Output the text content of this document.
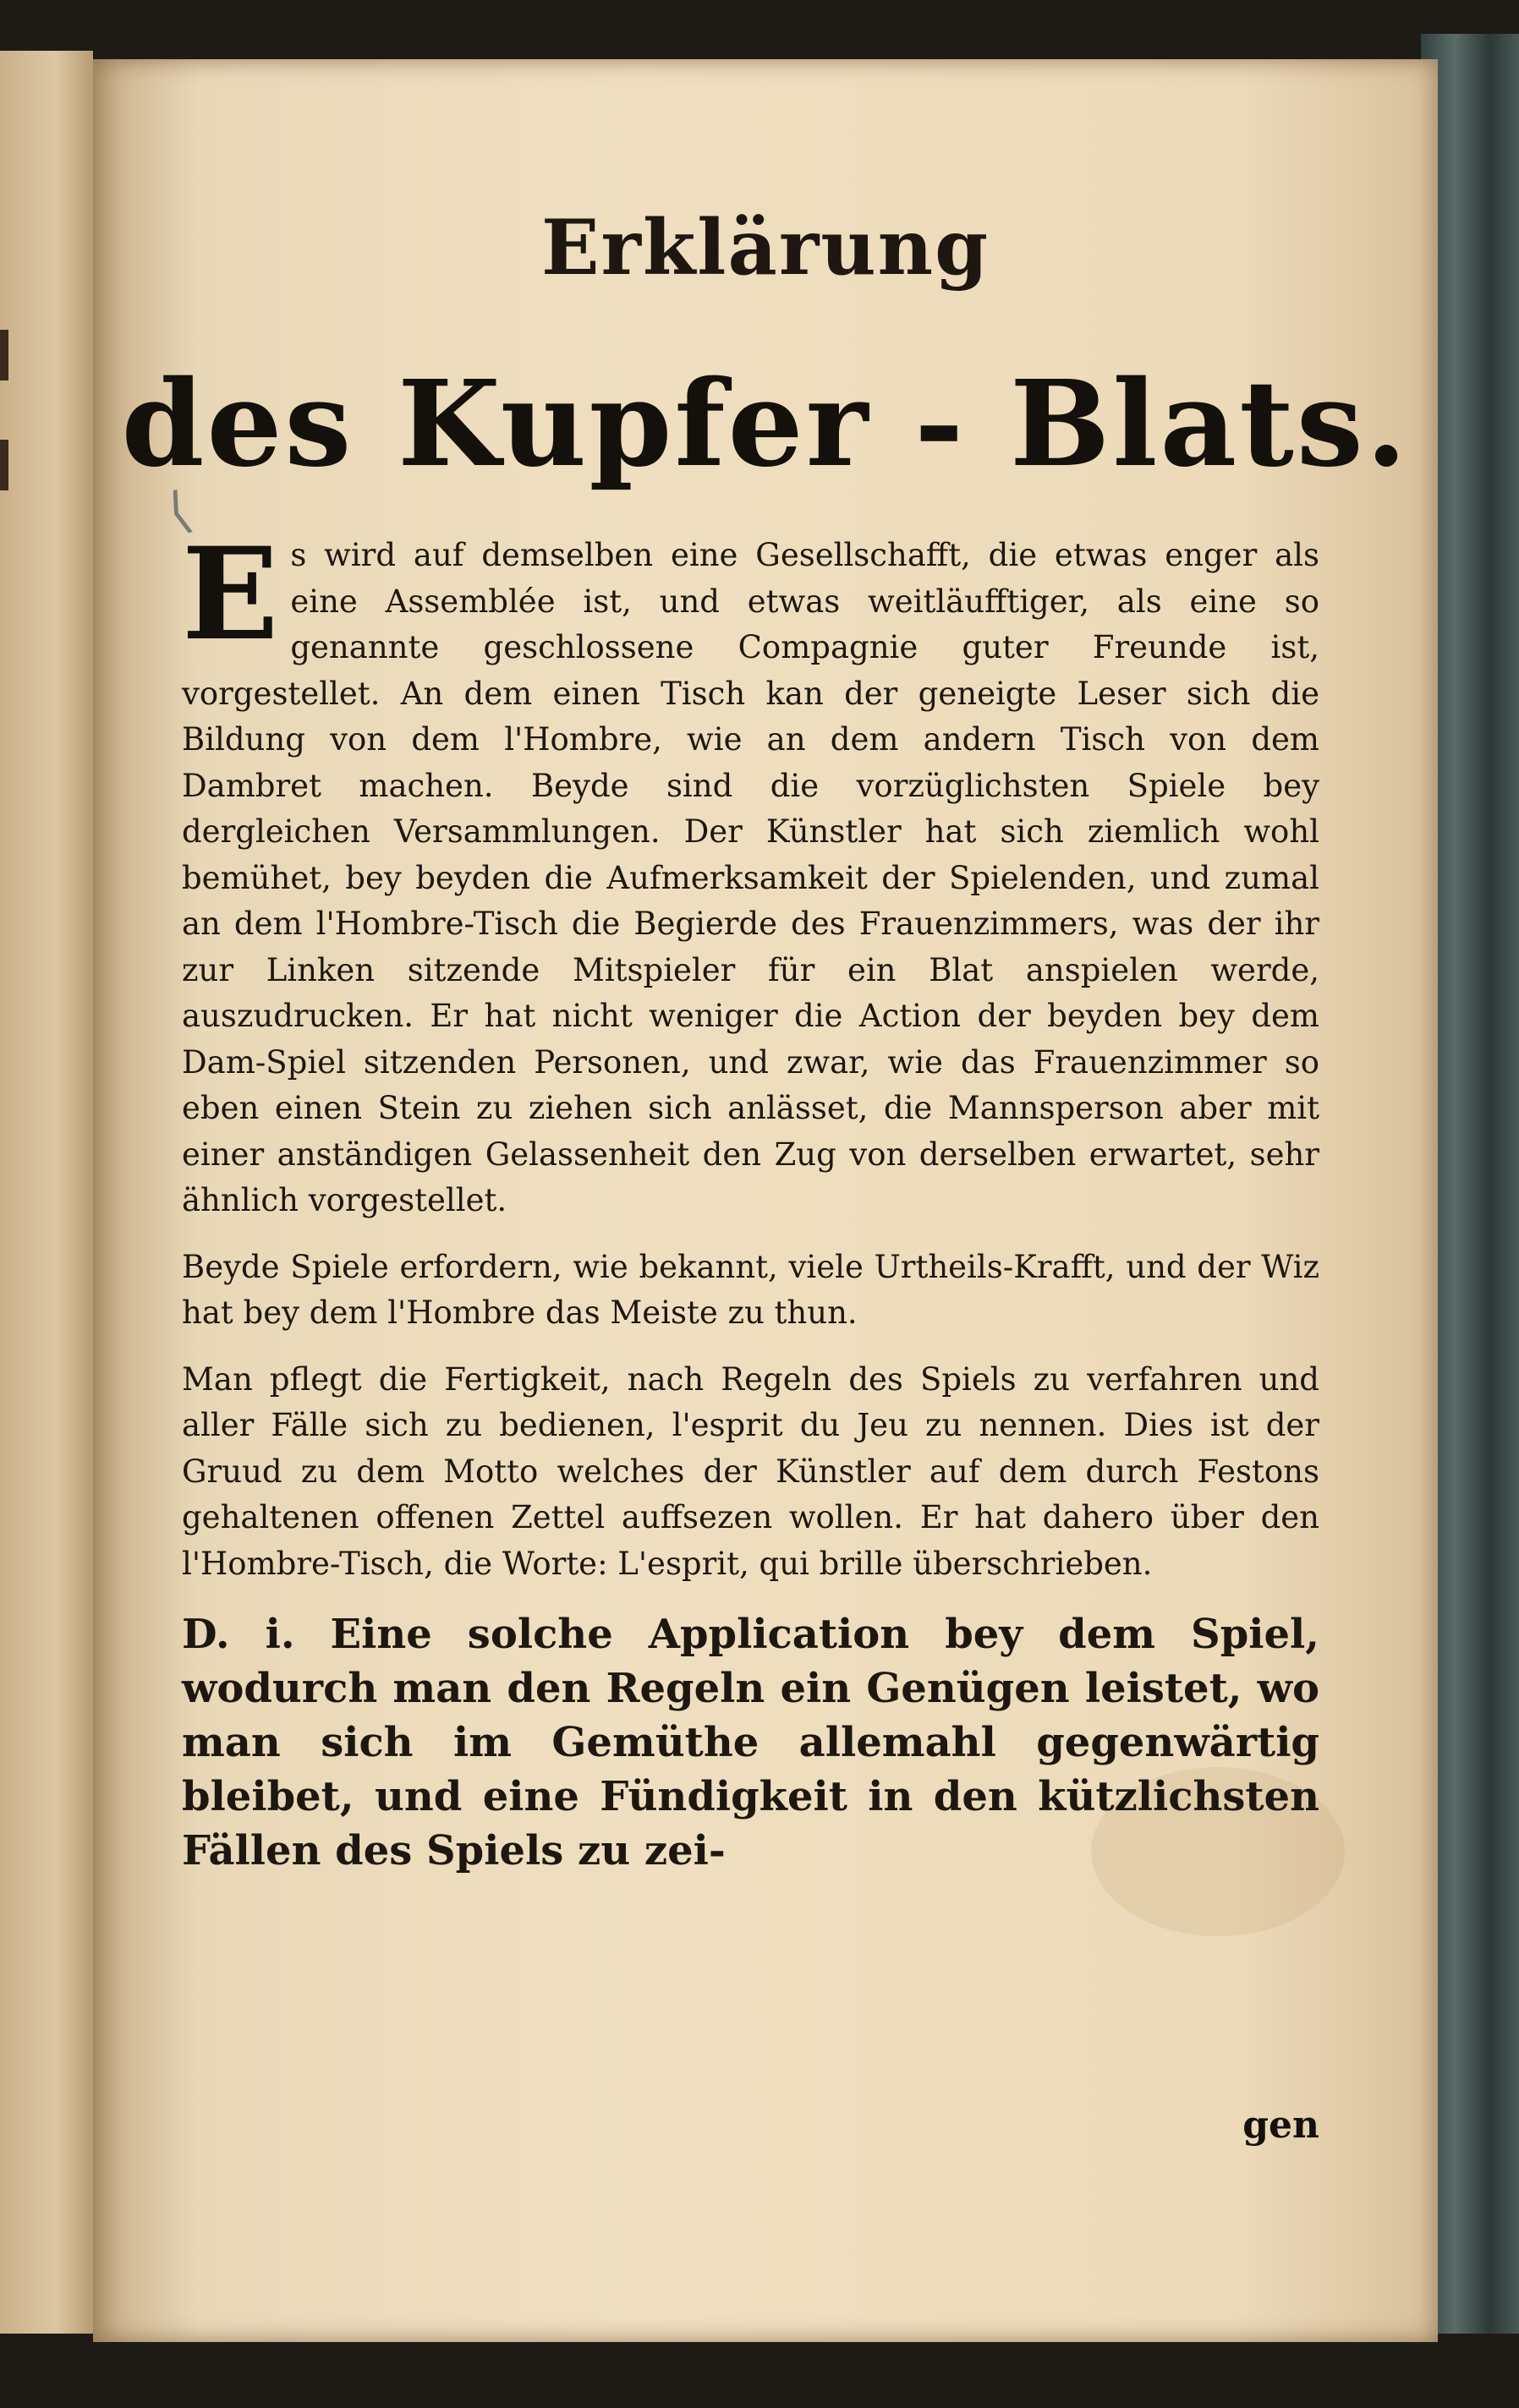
⟨
Erklärung
des Kupfer - Blats.

Es wird auf demselben eine Gesellschafft, die etwas enger als eine Assemblée ist, und etwas weitläufftiger, als eine so genannte geschlossene Compagnie guter Freunde ist, vorgestellet. An dem einen Tisch kan der geneigte Leser sich die Bildung von dem l'Hombre, wie an dem andern Tisch von dem Dambret machen. Beyde sind die vorzüglichsten Spiele bey dergleichen Versammlungen. Der Künstler hat sich ziemlich wohl bemühet, bey beyden die Aufmerksamkeit der Spielenden, und zumal an dem l'Hombre-Tisch die Begierde des Frauenzimmers, was der ihr zur Linken sitzende Mitspieler für ein Blat anspielen werde, auszudrucken. Er hat nicht weniger die Action der beyden bey dem Dam-Spiel sitzenden Personen, und zwar, wie das Frauenzimmer so eben einen Stein zu ziehen sich anlässet, die Mannsperson aber mit einer anständigen Gelassenheit den Zug von derselben erwartet, sehr ähnlich vorgestellet.

Beyde Spiele erfordern, wie bekannt, viele Urtheils-Krafft, und der Wiz hat bey dem l'Hombre das Meiste zu thun.

Man pflegt die Fertigkeit, nach Regeln des Spiels zu verfahren und aller Fälle sich zu bedienen, l'esprit du Jeu zu nennen. Dies ist der Gruud zu dem Motto welches der Künstler auf dem durch Festons gehaltenen offenen Zettel auffsezen wollen. Er hat dahero über den l'Hombre-Tisch, die Worte: L'esprit, qui brille überschrieben.

D. i. Eine solche Application bey dem Spiel, wodurch man den Regeln ein Genügen leistet, wo man sich im Gemüthe allemahl gegenwärtig bleibet, und eine Fündigkeit in den kützlichsten Fällen des Spiels zu zei-

gen
